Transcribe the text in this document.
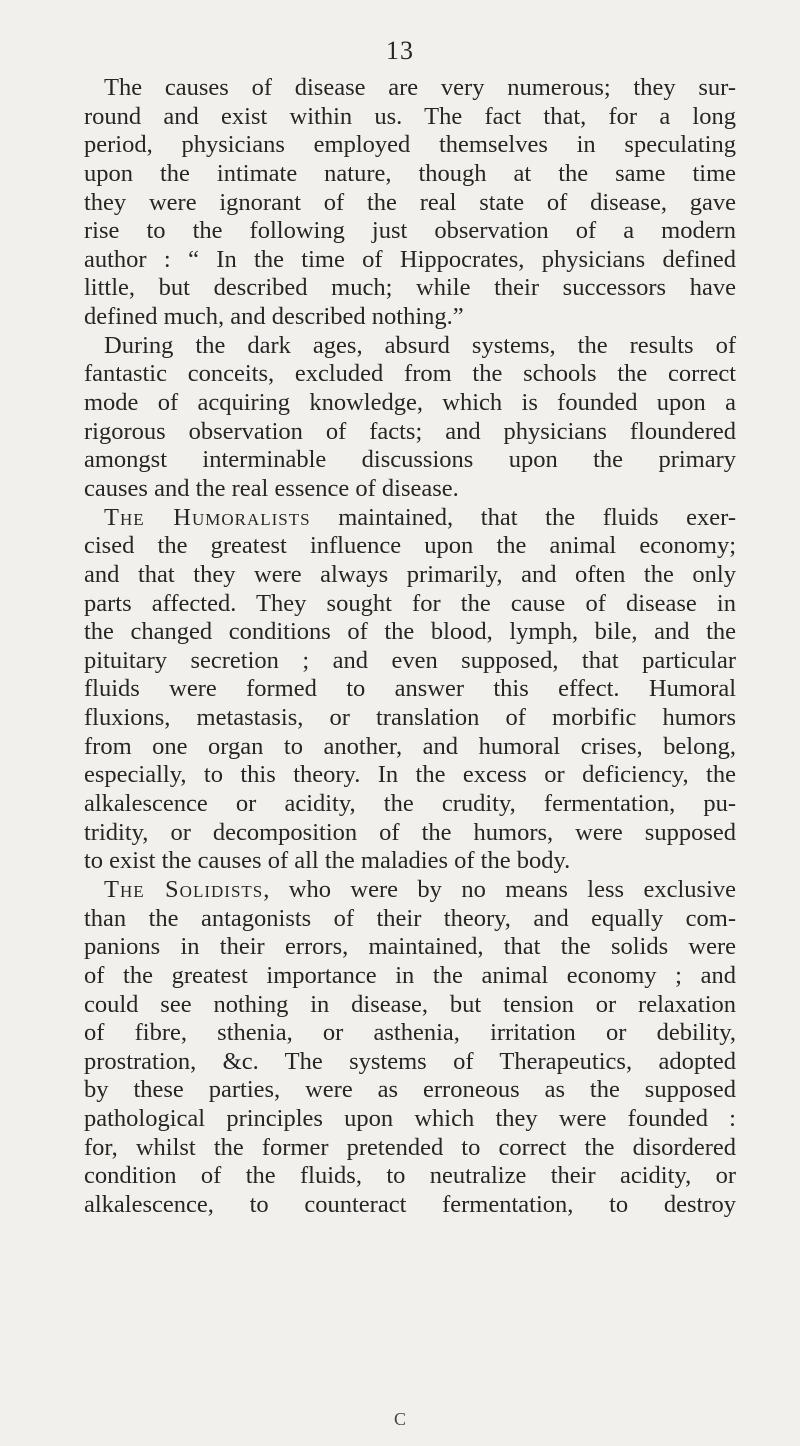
13
The causes of disease are very numerous; they sur-
round and exist within us. The fact that, for a long
period, physicians employed themselves in speculating
upon the intimate nature, though at the same time
they were ignorant of the real state of disease, gave
rise to the following just observation of a modern
author : “ In the time of Hippocrates, physicians defined
little, but described much; while their successors have
defined much, and described nothing.”
During the dark ages, absurd systems, the results of
fantastic conceits, excluded from the schools the correct
mode of acquiring knowledge, which is founded upon a
rigorous observation of facts; and physicians floundered
amongst interminable discussions upon the primary
causes and the real essence of disease.
The Humoralists maintained, that the fluids exer-
cised the greatest influence upon the animal economy;
and that they were always primarily, and often the only
parts affected. They sought for the cause of disease in
the changed conditions of the blood, lymph, bile, and the
pituitary secretion ; and even supposed, that particular
fluids were formed to answer this effect. Humoral
fluxions, metastasis, or translation of morbific humors
from one organ to another, and humoral crises, belong,
especially, to this theory. In the excess or deficiency, the
alkalescence or acidity, the crudity, fermentation, pu-
tridity, or decomposition of the humors, were supposed
to exist the causes of all the maladies of the body.
The Solidists, who were by no means less exclusive
than the antagonists of their theory, and equally com-
panions in their errors, maintained, that the solids were
of the greatest importance in the animal economy ; and
could see nothing in disease, but tension or relaxation
of fibre, sthenia, or asthenia, irritation or debility,
prostration, &c. The systems of Therapeutics, adopted
by these parties, were as erroneous as the supposed
pathological principles upon which they were founded :
for, whilst the former pretended to correct the disordered
condition of the fluids, to neutralize their acidity, or
alkalescence, to counteract fermentation, to destroy
C
